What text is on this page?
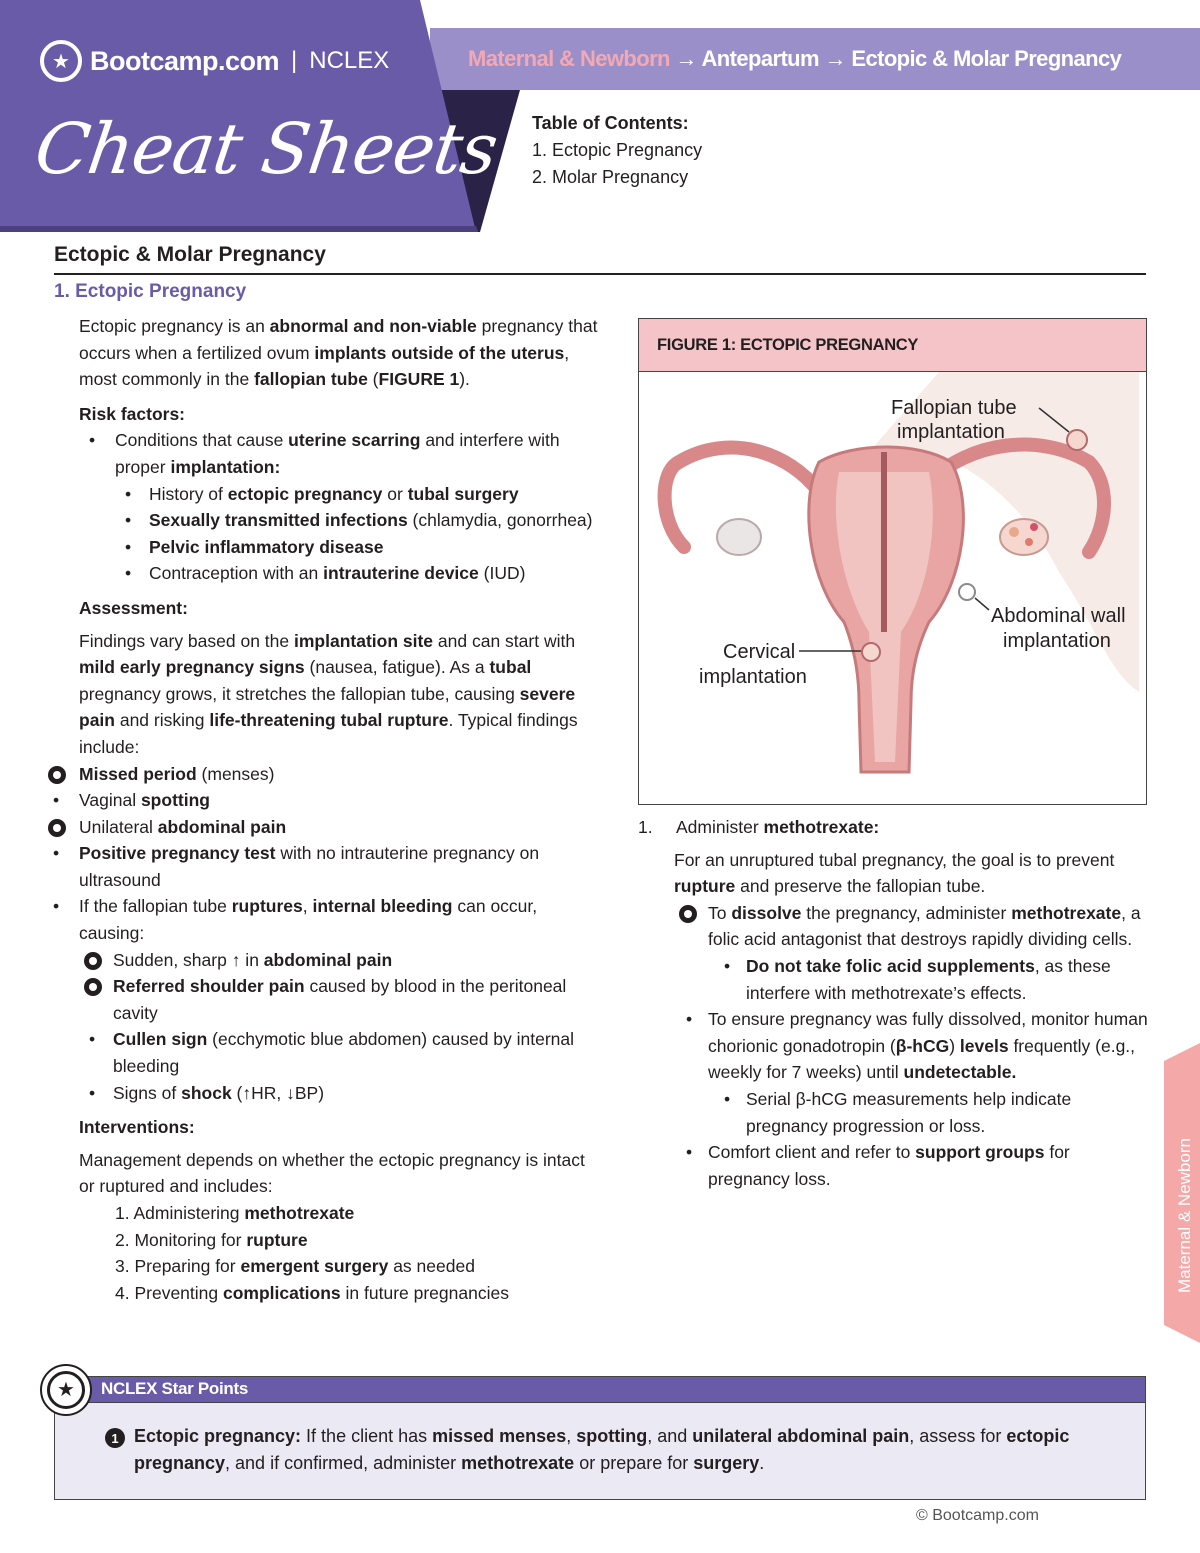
★ Bootcamp.com | NCLEX
Cheat Sheets
Maternal & Newborn → Antepartum → Ectopic & Molar Pregnancy
Table of Contents:
1. Ectopic Pregnancy
2. Molar Pregnancy
Ectopic & Molar Pregnancy
1. Ectopic Pregnancy

Ectopic pregnancy is an abnormal and non-viable pregnancy that occurs when a fertilized ovum implants outside of the uterus, most commonly in the fallopian tube (FIGURE 1).

Risk factors:

• Conditions that cause uterine scarring and interfere with proper implantation:
• History of ectopic pregnancy or tubal surgery
• Sexually transmitted infections (chlamydia, gonorrhea)
• Pelvic inflammatory disease
• Contraception with an intrauterine device (IUD)

Assessment:

Findings vary based on the implantation site and can start with mild early pregnancy signs (nausea, fatigue). As a tubal pregnancy grows, it stretches the fallopian tube, causing severe pain and risking life-threatening tubal rupture. Typical findings include:

Missed period (menses)
• Vaginal spotting
Unilateral abdominal pain
• Positive pregnancy test with no intrauterine pregnancy on ultrasound
• If the fallopian tube ruptures, internal bleeding can occur, causing:
Sudden, sharp ↑ in abdominal pain
Referred shoulder pain caused by blood in the peritoneal cavity
• Cullen sign (ecchymotic blue abdomen) caused by internal bleeding
• Signs of shock (↑HR, ↓BP)

Interventions:

Management depends on whether the ectopic pregnancy is intact or ruptured and includes:

1. Administering methotrexate
2. Monitoring for rupture
3. Preparing for emergent surgery as needed
4. Preventing complications in future pregnancies
FIGURE 1: ECTOPIC PREGNANCY
Fallopian tube
implantation
Abdominal wall
implantation
Cervical
implantation
1.	Administer methotrexate:

For an unruptured tubal pregnancy, the goal is to prevent rupture and preserve the fallopian tube.

To dissolve the pregnancy, administer methotrexate, a folic acid antagonist that destroys rapidly dividing cells.
• Do not take folic acid supplements, as these interfere with methotrexate’s effects.
• To ensure pregnancy was fully dissolved, monitor human chorionic gonadotropin (β-hCG) levels frequently (e.g., weekly for 7 weeks) until undetectable.
• Serial β-hCG measurements help indicate pregnancy progression or loss.
• Comfort client and refer to support groups for pregnancy loss.
NCLEX Star Points
★
1 Ectopic pregnancy: If the client has missed menses, spotting, and unilateral abdominal pain, assess for ectopic pregnancy, and if confirmed, administer methotrexate or prepare for surgery.
© Bootcamp.com
Maternal & Newborn
